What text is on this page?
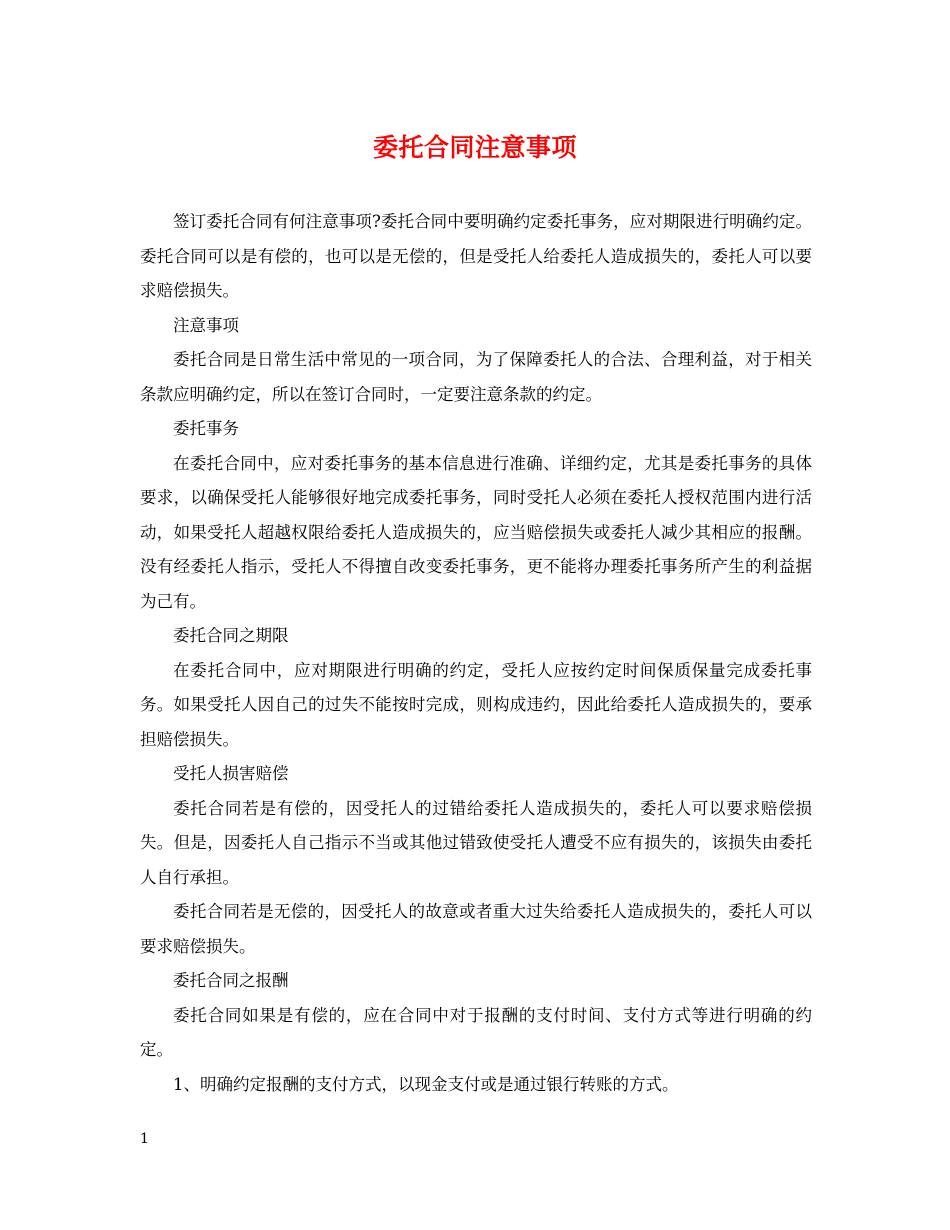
委托合同注意事项

签订委托合同有何注意事项?委托合同中要明确约定委托事务，应对期限进行明确约定。委托合同可以是有偿的，也可以是无偿的，但是受托人给委托人造成损失的，委托人可以要求赔偿损失。

注意事项

委托合同是日常生活中常见的一项合同，为了保障委托人的合法、合理利益，对于相关条款应明确约定，所以在签订合同时，一定要注意条款的约定。

委托事务

在委托合同中，应对委托事务的基本信息进行准确、详细约定，尤其是委托事务的具体要求，以确保受托人能够很好地完成委托事务，同时受托人必须在委托人授权范围内进行活动，如果受托人超越权限给委托人造成损失的，应当赔偿损失或委托人减少其相应的报酬。没有经委托人指示，受托人不得擅自改变委托事务，更不能将办理委托事务所产生的利益据为己有。

委托合同之期限

在委托合同中，应对期限进行明确的约定，受托人应按约定时间保质保量完成委托事务。如果受托人因自己的过失不能按时完成，则构成违约，因此给委托人造成损失的，要承担赔偿损失。

受托人损害赔偿

委托合同若是有偿的，因受托人的过错给委托人造成损失的，委托人可以要求赔偿损失。但是，因委托人自己指示不当或其他过错致使受托人遭受不应有损失的，该损失由委托人自行承担。

委托合同若是无偿的，因受托人的故意或者重大过失给委托人造成损失的，委托人可以要求赔偿损失。

委托合同之报酬

委托合同如果是有偿的，应在合同中对于报酬的支付时间、支付方式等进行明确的约定。

1、明确约定报酬的支付方式，以现金支付或是通过银行转账的方式。

1
